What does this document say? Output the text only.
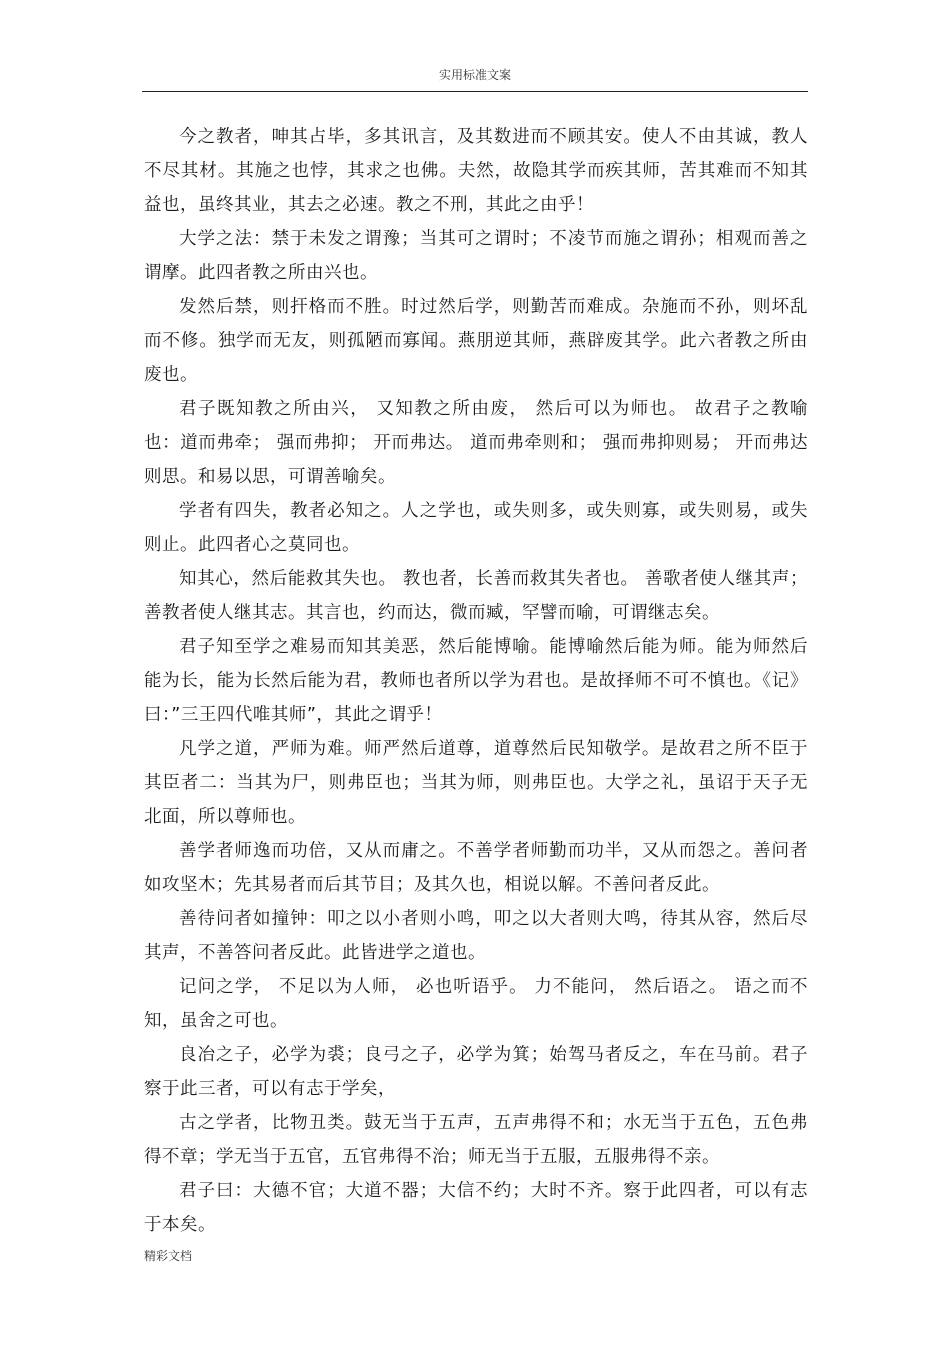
实用标准文案

今之教者，呻其占毕，多其讯言，及其数进而不顾其安。使人不由其诚，教人不尽其材。其施之也悖，其求之也佛。夫然，故隐其学而疾其师，苦其难而不知其益也，虽终其业，其去之必速。教之不刑，其此之由乎！

大学之法：禁于未发之谓豫；当其可之谓时；不凌节而施之谓孙；相观而善之谓摩。此四者教之所由兴也。

发然后禁，则扞格而不胜。时过然后学，则勤苦而难成。杂施而不孙，则坏乱而不修。独学而无友，则孤陋而寡闻。燕朋逆其师，燕辟废其学。此六者教之所由废也。

君子既知教之所由兴， 又知教之所由废， 然后可以为师也。 故君子之教喻也：道而弗牵； 强而弗抑； 开而弗达。 道而弗牵则和； 强而弗抑则易； 开而弗达则思。和易以思，可谓善喻矣。

学者有四失，教者必知之。人之学也，或失则多，或失则寡，或失则易，或失则止。此四者心之莫同也。

知其心，然后能救其失也。 教也者，长善而救其失者也。 善歌者使人继其声；善教者使人继其志。其言也，约而达，微而臧，罕譬而喻，可谓继志矣。

君子知至学之难易而知其美恶，然后能博喻。能博喻然后能为师。能为师然后能为长，能为长然后能为君，教师也者所以学为君也。是故择师不可不慎也。《记》曰：”三王四代唯其师”，其此之谓乎！

凡学之道，严师为难。师严然后道尊，道尊然后民知敬学。是故君之所不臣于其臣者二：当其为尸，则弗臣也；当其为师，则弗臣也。大学之礼，虽诏于天子无北面，所以尊师也。

善学者师逸而功倍，又从而庸之。不善学者师勤而功半，又从而怨之。善问者如攻坚木；先其易者而后其节目；及其久也，相说以解。不善问者反此。

善待问者如撞钟：叩之以小者则小鸣，叩之以大者则大鸣，待其从容，然后尽其声，不善答问者反此。此皆进学之道也。

记问之学， 不足以为人师， 必也听语乎。 力不能问， 然后语之。 语之而不知，虽舍之可也。

良冶之子，必学为裘；良弓之子，必学为箕；始驾马者反之，车在马前。君子察于此三者，可以有志于学矣，

古之学者，比物丑类。鼓无当于五声，五声弗得不和；水无当于五色，五色弗得不章；学无当于五官，五官弗得不治；师无当于五服，五服弗得不亲。

君子曰：大德不官；大道不器；大信不约；大时不齐。察于此四者，可以有志于本矣。

精彩文档
